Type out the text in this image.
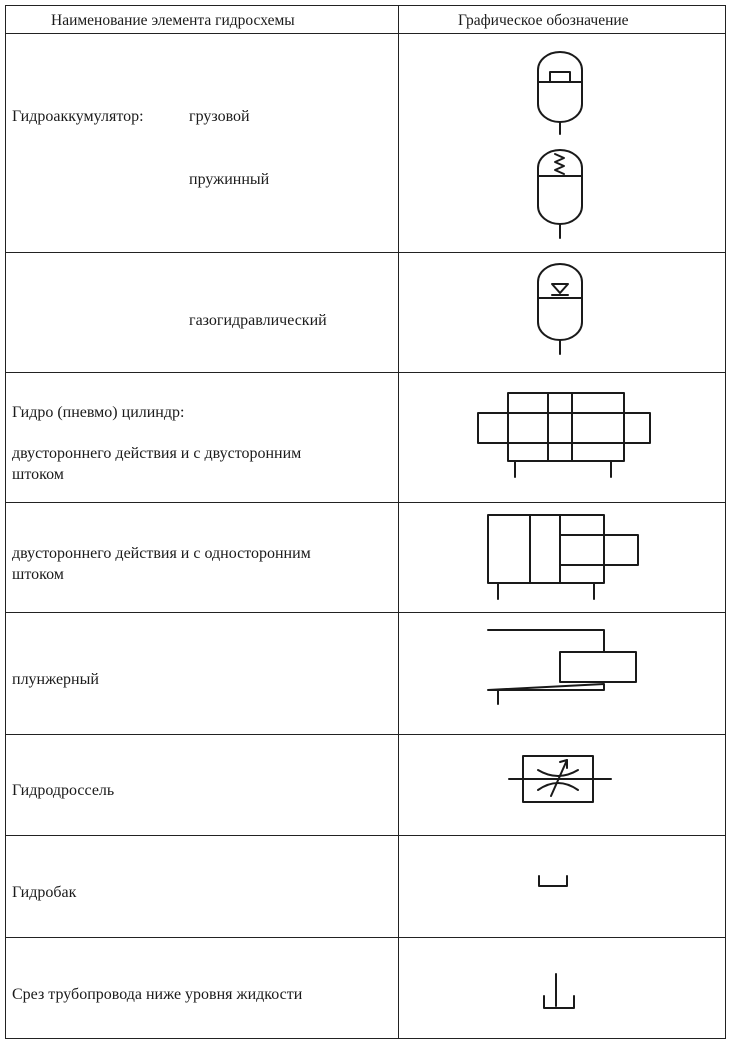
Наименование элемента гидросхемы	Графическое обозначение
Гидроаккумулятор:	грузовой
пружинный
газогидравлический
Гидро (пневмо) цилиндр:
двустороннего действия и с двусторонним
штоком
двустороннего действия и с односторонним
штоком
плунжерный
Гидродроссель
Гидробак
Срез трубопровода ниже уровня жидкости
